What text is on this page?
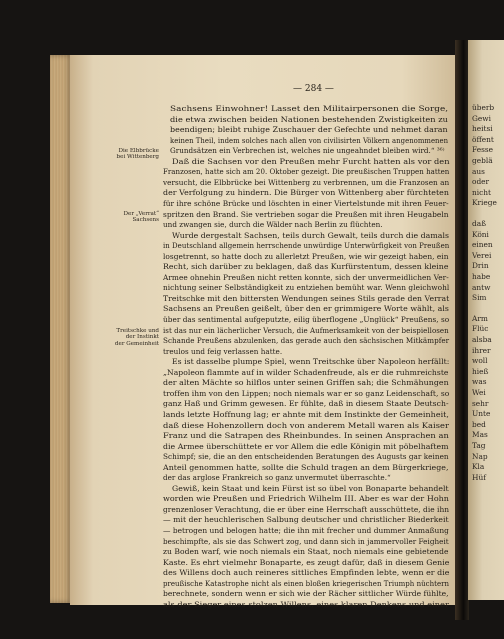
überb
Gewi
heitsi
öffent
Fesse
geblä
aus
oder
nicht
Kriege
daß
Köni
einen
Verei
Drin
habe
antw
Sim
Arm
Flüc
alsba
ihrer
woll
hieß
was
Wei
sehr
Unte
bed
Mas
Tag
Nap
Kla
Hüf
— 284 —
Die Elbbrücke
bei Wittenberg
Der „Verrat“
Sachsens
Treitschke und
der Instinkt
der Gemeinheit
Sachsens Einwohner! Lasset den Militairpersonen die Sorge,
die etwa zwischen beiden Nationen bestehenden Zwistigkeiten zu
beendigen; bleibt ruhige Zuschauer der Gefechte und nehmet daran
keinen Theil, indem solches nach allen von civilisirten Völkern angenommenen
Grundsätzen ein Verbrechen ist, welches nie ungeahndet bleiben wird.“ ³⁶⁾
Daß die Sachsen vor den Preußen mehr Furcht hatten als vor den
Franzosen, hatte sich am 20. Oktober gezeigt. Die preußischen Truppen hatten
versucht, die Elbbrücke bei Wittenberg zu verbrennen, um die Franzosen an
der Verfolgung zu hindern. Die Bürger von Wittenberg aber fürchteten
für ihre schöne Brücke und löschten in einer Viertelstunde mit ihren Feuer-
spritzen den Brand. Sie vertrieben sogar die Preußen mit ihren Heugabeln
und zwangen sie, durch die Wälder nach Berlin zu flüchten.
Wurde dergestalt Sachsen, teils durch Gewalt, teils durch die damals
in Deutschland allgemein herrschende unwürdige Unterwürfigkeit von Preußen
losgetrennt, so hatte doch zu allerletzt Preußen, wie wir gezeigt haben, ein
Recht, sich darüber zu beklagen, daß das Kurfürstentum, dessen kleine
Armee ohnehin Preußen nicht retten konnte, sich der unvermeidlichen Ver-
nichtung seiner Selbständigkeit zu entziehen bemüht war. Wenn gleichwohl
Treitschke mit den bittersten Wendungen seines Stils gerade den Verrat
Sachsens an Preußen geißelt, über den er grimmigere Worte wählt, als
über das sentimental aufgeputzte, eilig überflogene „Unglück“ Preußens, so
ist das nur ein lächerlicher Versuch, die Aufmerksamkeit von der beispiellosen
Schande Preußens abzulenken, das gerade auch den sächsischen Mitkämpfer
treulos und feig verlassen hatte.
Es ist dasselbe plumpe Spiel, wenn Treitschke über Napoleon herfällt:
„Napoleon flammte auf in wilder Schadenfreude, als er die ruhmreichste
der alten Mächte so hilflos unter seinen Griffen sah; die Schmähungen
troffen ihm von den Lippen; noch niemals war er so ganz Leidenschaft, so
ganz Haß und Grimm gewesen. Er fühlte, daß in diesem Staate Deutsch-
lands letzte Hoffnung lag; er ahnte mit dem Instinkte der Gemeinheit,
daß diese Hohenzollern doch von anderem Metall waren als Kaiser
Franz und die Satrapen des Rheinbundes. In seinen Ansprachen an
die Armee überschüttete er vor Allem die edle Königin mit pöbelhaftem
Schimpf; sie, die an den entscheidenden Beratungen des Augusts gar keinen
Anteil genommen hatte, sollte die Schuld tragen an dem Bürgerkriege,
der das arglose Frankreich so ganz unvermutet überraschte.“
Gewiß, kein Staat und kein Fürst ist so übel von Bonaparte behandelt
worden wie Preußen und Friedrich Wilhelm III. Aber es war der Hohn
grenzenloser Verachtung, die er über eine Herrschaft ausschüttete, die ihn
— mit der heuchlerischen Salbung deutscher und christlicher Biederkeit
— betrogen und belogen hatte; die ihn mit frecher und dummer Anmaßung
beschimpfte, als sie das Schwert zog, und dann sich in jammervoller Feigheit
zu Boden warf, wie noch niemals ein Staat, noch niemals eine gebietende
Kaste. Es ehrt vielmehr Bonaparte, es zeugt dafür, daß in diesem Genie
des Willens doch auch reineres sittliches Empfinden lebte, wenn er die
preußische Katastrophe nicht als einen bloßen kriegerischen Triumph nüchtern
berechnete, sondern wenn er sich wie der Rächer sittlicher Würde fühlte,
als der Sieger eines stolzen Willens, eines klaren Denkens und einer
